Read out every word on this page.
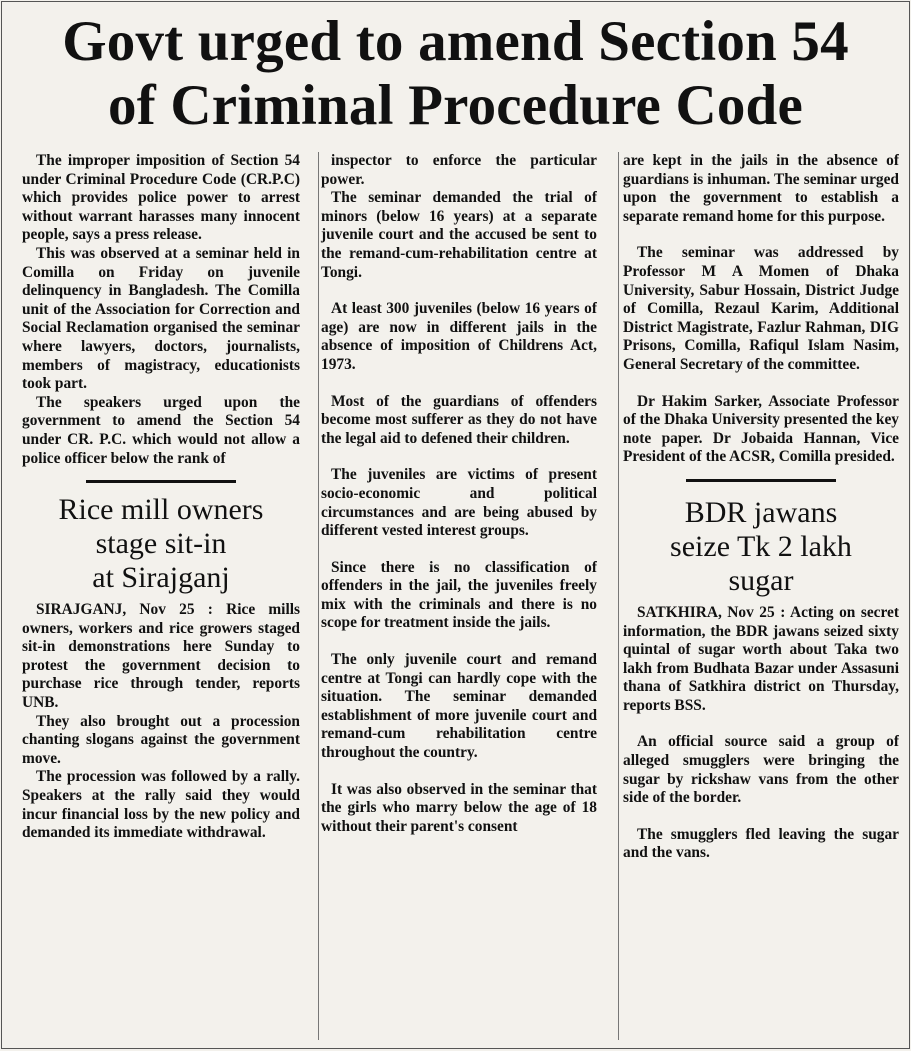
Govt urged to amend Section 54
of Criminal Procedure Code

The improper imposition of Section 54 under Criminal Procedure Code (CR.P.C) which provides police power to arrest without warrant harasses many innocent people, says a press release.

This was observed at a seminar held in Comilla on Friday on juvenile delinquency in Bangladesh. The Comilla unit of the Association for Correction and Social Reclamation organised the seminar where lawyers, doctors, journalists, members of magistracy, educationists took part.

The speakers urged upon the government to amend the Section 54 under CR. P.C. which would not allow a police officer below the rank of

Rice mill owners
stage sit-in
at Sirajganj

SIRAJGANJ, Nov 25 : Rice mills owners, workers and rice growers staged sit-in demonstrations here Sunday to protest the government decision to purchase rice through tender, reports UNB.

They also brought out a procession chanting slogans against the government move.

The procession was followed by a rally. Speakers at the rally said they would incur financial loss by the new policy and demanded its immediate withdrawal.

inspector to enforce the particular power.

The seminar demanded the trial of minors (below 16 years) at a separate juvenile court and the accused be sent to the remand-cum-rehabilitation centre at Tongi.

At least 300 juveniles (below 16 years of age) are now in different jails in the absence of imposition of Childrens Act, 1973.

Most of the guardians of offenders become most sufferer as they do not have the legal aid to defened their children.

The juveniles are victims of present socio-economic and political circumstances and are being abused by different vested interest groups.

Since there is no classification of offenders in the jail, the juveniles freely mix with the criminals and there is no scope for treatment inside the jails.

The only juvenile court and remand centre at Tongi can hardly cope with the situation. The seminar demanded establishment of more juvenile court and remand-cum rehabilitation centre throughout the country.

It was also observed in the seminar that the girls who marry below the age of 18 without their parent's consent

are kept in the jails in the absence of guardians is inhuman. The seminar urged upon the government to establish a separate remand home for this purpose.

The seminar was addressed by Professor M A Momen of Dhaka University, Sabur Hossain, District Judge of Comilla, Rezaul Karim, Additional District Magistrate, Fazlur Rahman, DIG Prisons, Comilla, Rafiqul Islam Nasim, General Secretary of the committee.

Dr Hakim Sarker, Associate Professor of the Dhaka University presented the key note paper. Dr Jobaida Hannan, Vice President of the ACSR, Comilla presided.

BDR jawans
seize Tk 2 lakh
sugar

SATKHIRA, Nov 25 : Acting on secret information, the BDR jawans seized sixty quintal of sugar worth about Taka two lakh from Budhata Bazar under Assasuni thana of Satkhira district on Thursday, reports BSS.

An official source said a group of alleged smugglers were bringing the sugar by rickshaw vans from the other side of the border.

The smugglers fled leaving the sugar and the vans.
